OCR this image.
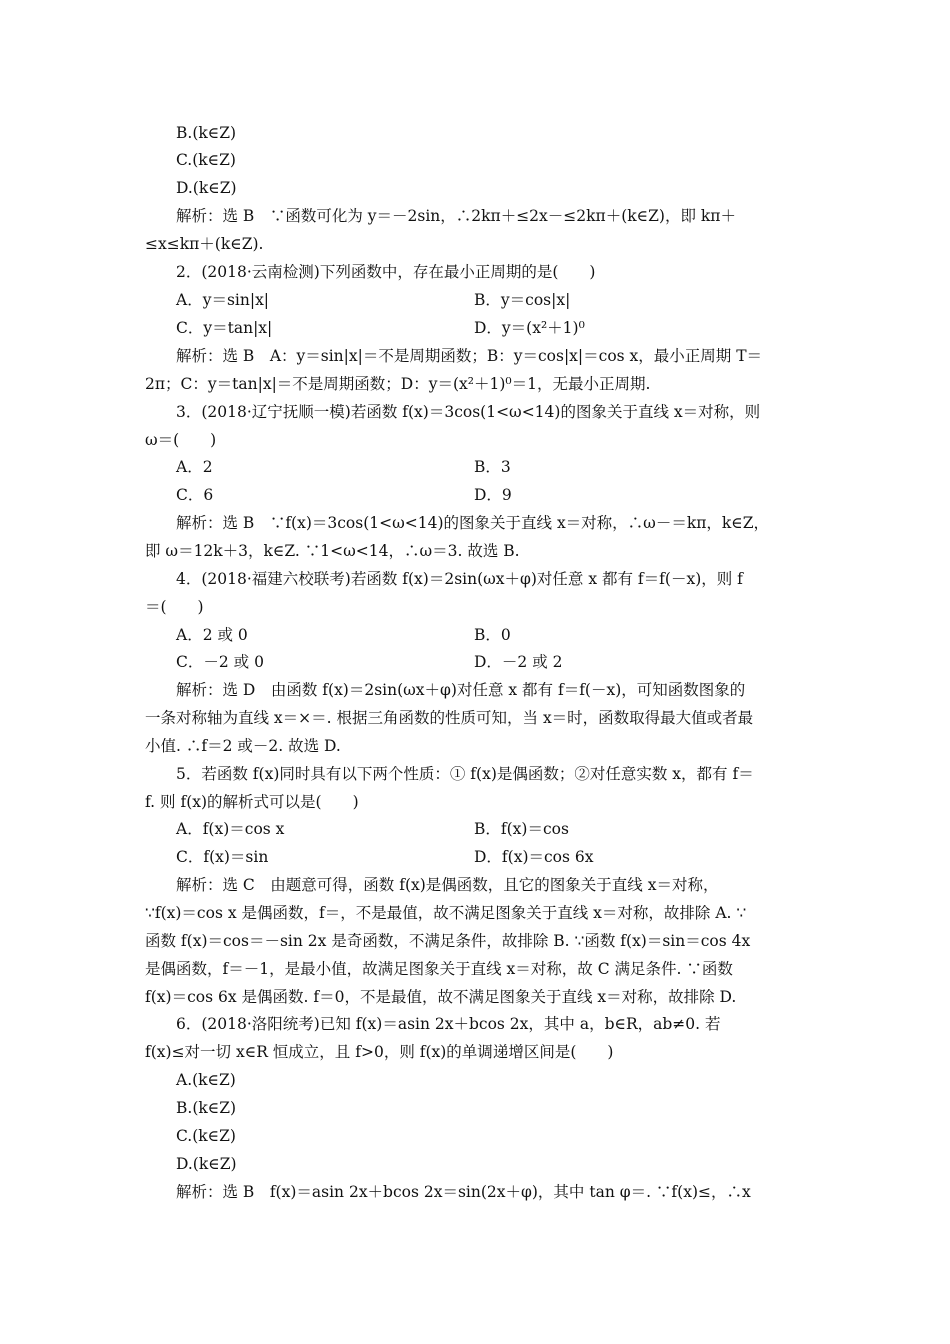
B.(k∈Z)
C.(k∈Z)
D.(k∈Z)
解析：选 B　∵函数可化为 y＝－2sin，∴2kπ＋≤2x－≤2kπ＋(k∈Z)，即 kπ＋
≤x≤kπ＋(k∈Z).
2．(2018·云南检测)下列函数中，存在最小正周期的是(　　)
A．y＝sin|x|	B．y＝cos|x|
C．y＝tan|x|	D．y＝(x²＋1)⁰
解析：选 B　A：y＝sin|x|＝不是周期函数；B：y＝cos|x|＝cos x，最小正周期 T＝
2π；C：y＝tan|x|＝不是周期函数；D：y＝(x²＋1)⁰＝1，无最小正周期.
3．(2018·辽宁抚顺一模)若函数 f(x)＝3cos(1<ω<14)的图象关于直线 x＝对称，则
ω＝(　　)
A．2	B．3
C．6	D．9
解析：选 B　∵f(x)＝3cos(1<ω<14)的图象关于直线 x＝对称，∴ω－＝kπ，k∈Z，
即 ω＝12k＋3，k∈Z. ∵1<ω<14，∴ω＝3. 故选 B.
4．(2018·福建六校联考)若函数 f(x)＝2sin(ωx＋φ)对任意 x 都有 f＝f(－x)，则 f
＝(　　)
A．2 或 0	B．0
C．－2 或 0	D．－2 或 2
解析：选 D　由函数 f(x)＝2sin(ωx＋φ)对任意 x 都有 f＝f(－x)，可知函数图象的
一条对称轴为直线 x＝×＝. 根据三角函数的性质可知，当 x＝时，函数取得最大值或者最
小值. ∴f＝2 或－2. 故选 D.
5．若函数 f(x)同时具有以下两个性质：① f(x)是偶函数；②对任意实数 x，都有 f＝
f. 则 f(x)的解析式可以是(　　)
A．f(x)＝cos x	B．f(x)＝cos
C．f(x)＝sin	D．f(x)＝cos 6x
解析：选 C　由题意可得，函数 f(x)是偶函数，且它的图象关于直线 x＝对称，
∵f(x)＝cos x 是偶函数，f＝，不是最值，故不满足图象关于直线 x＝对称，故排除 A. ∵
函数 f(x)＝cos＝－sin 2x 是奇函数，不满足条件，故排除 B. ∵函数 f(x)＝sin＝cos 4x
是偶函数，f＝－1，是最小值，故满足图象关于直线 x＝对称，故 C 满足条件. ∵函数
f(x)＝cos 6x 是偶函数. f＝0，不是最值，故不满足图象关于直线 x＝对称，故排除 D.
6．(2018·洛阳统考)已知 f(x)＝asin 2x＋bcos 2x，其中 a，b∈R，ab≠0. 若
f(x)≤对一切 x∈R 恒成立，且 f>0，则 f(x)的单调递增区间是(　　)
A.(k∈Z)
B.(k∈Z)
C.(k∈Z)
D.(k∈Z)
解析：选 B　f(x)＝asin 2x＋bcos 2x＝sin(2x＋φ)，其中 tan φ＝. ∵f(x)≤，∴x
